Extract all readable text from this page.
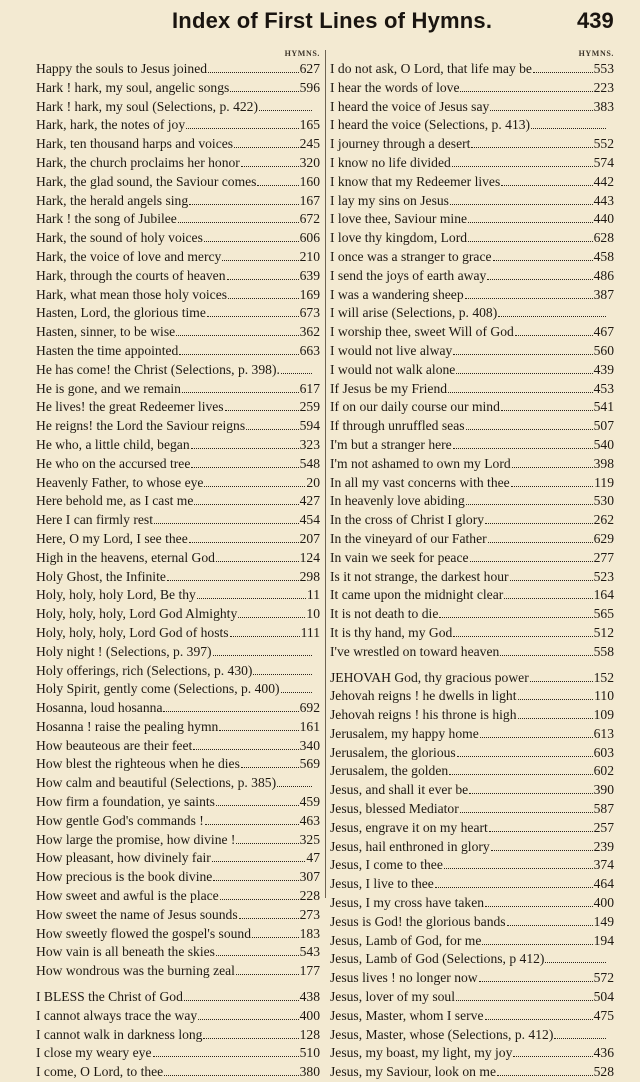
Index of First Lines of Hymns.	439
HYMNS.
Happy the souls to Jesus joined	627
Hark ! hark, my soul, angelic songs	596
Hark ! hark, my soul (Selections, p. 422)
Hark, hark, the notes of joy	165
Hark, ten thousand harps and voices	245
Hark, the church proclaims her honor	320
Hark, the glad sound, the Saviour comes	160
Hark, the herald angels sing	167
Hark ! the song of Jubilee	672
Hark, the sound of holy voices	606
Hark, the voice of love and mercy	210
Hark, through the courts of heaven	639
Hark, what mean those holy voices	169
Hasten, Lord, the glorious time	673
Hasten, sinner, to be wise	362
Hasten the time appointed	663
He has come! the Christ (Selections, p. 398).
He is gone, and we remain	617
He lives! the great Redeemer lives	259
He reigns! the Lord the Saviour reigns	594
He who, a little child, began	323
He who on the accursed tree	548
Heavenly Father, to whose eye	20
Here behold me, as I cast me	427
Here I can firmly rest	454
Here, O my Lord, I see thee	207
High in the heavens, eternal God	124
Holy Ghost, the Infinite	298
Holy, holy, holy Lord, Be thy	11
Holy, holy, holy, Lord God Almighty	10
Holy, holy, holy, Lord God of hosts	111
Holy night ! (Selections, p. 397)
Holy offerings, rich (Selections, p. 430)
Holy Spirit, gently come (Selections, p. 400)
Hosanna, loud hosanna	692
Hosanna ! raise the pealing hymn	161
How beauteous are their feet	340
How blest the righteous when he dies	569
How calm and beautiful (Selections, p. 385)
How firm a foundation, ye saints	459
How gentle God's commands !	463
How large the promise, how divine !	325
How pleasant, how divinely fair	47
How precious is the book divine	307
How sweet and awful is the place	228
How sweet the name of Jesus sounds	273
How sweetly flowed the gospel's sound	183
How vain is all beneath the skies	543
How wondrous was the burning zeal	177
I BLESS the Christ of God	438
I cannot always trace the way	400
I cannot walk in darkness long	128
I close my weary eye	510
I come, O Lord, to thee	380
HYMNS.
I do not ask, O Lord, that life may be	553
I hear the words of love	223
I heard the voice of Jesus say	383
I heard the voice (Selections, p. 413)
I journey through a desert	552
I know no life divided	574
I know that my Redeemer lives	442
I lay my sins on Jesus	443
I love thee, Saviour mine	440
I love thy kingdom, Lord	628
I once was a stranger to grace	458
I send the joys of earth away	486
I was a wandering sheep	387
I will arise (Selections, p. 408)
I worship thee, sweet Will of God	467
I would not live alway	560
I would not walk alone	439
If Jesus be my Friend	453
If on our daily course our mind	541
If through unruffled seas	507
I'm but a stranger here	540
I'm not ashamed to own my Lord	398
In all my vast concerns with thee	119
In heavenly love abiding	530
In the cross of Christ I glory	262
In the vineyard of our Father	629
In vain we seek for peace	277
Is it not strange, the darkest hour	523
It came upon the midnight clear	164
It is not death to die	565
It is thy hand, my God	512
I've wrestled on toward heaven	558
JEHOVAH God, thy gracious power	152
Jehovah reigns ! he dwells in light	110
Jehovah reigns ! his throne is high	109
Jerusalem, my happy home	613
Jerusalem, the glorious	603
Jerusalem, the golden	602
Jesus, and shall it ever be	390
Jesus, blessed Mediator	587
Jesus, engrave it on my heart	257
Jesus, hail enthroned in glory	239
Jesus, I come to thee	374
Jesus, I live to thee	464
Jesus, I my cross have taken	400
Jesus is God! the glorious bands	149
Jesus, Lamb of God, for me	194
Jesus, Lamb of God (Selections, p 412)
Jesus lives ! no longer now	572
Jesus, lover of my soul	504
Jesus, Master, whom I serve	475
Jesus, Master, whose (Selections, p. 412)
Jesus, my boast, my light, my joy	436
Jesus, my Saviour, look on me	528
